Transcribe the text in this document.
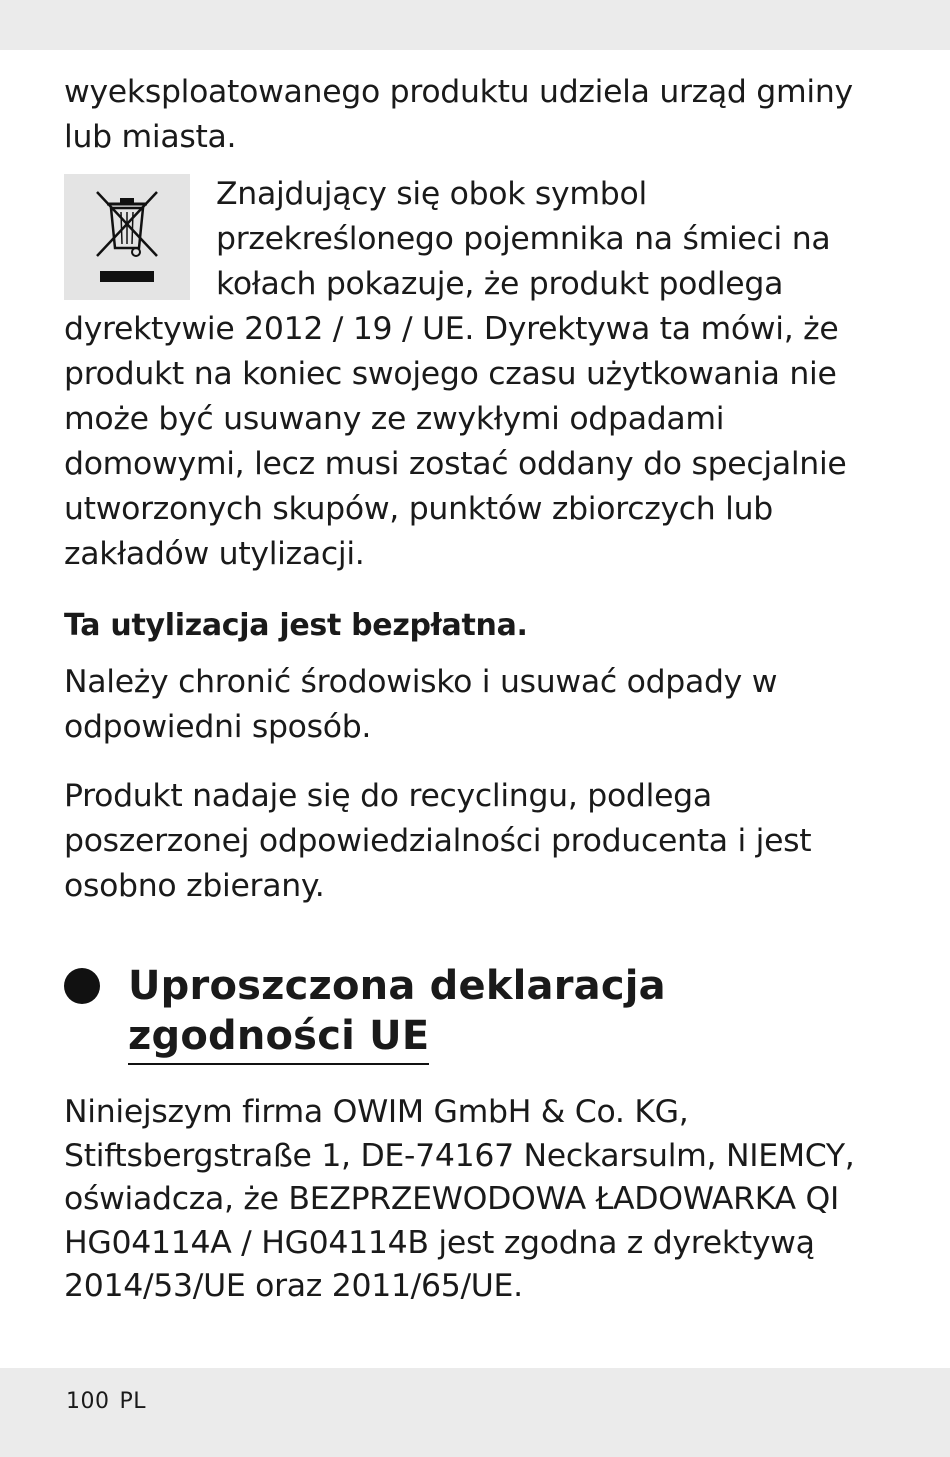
wyeksploatowanego produktu udziela urząd gminy lub miasta.

Znajdujący się obok symbol przekreślonego pojemnika na śmieci na kołach pokazuje, że produkt podlega dyrektywie 2012 / 19 / UE. Dyrektywa ta mówi, że produkt na koniec swojego czasu użytkowania nie może być usuwany ze zwykłymi odpadami domowymi, lecz musi zostać oddany do specjalnie utworzonych skupów, punktów zbiorczych lub zakładów utylizacji.

Ta utylizacja jest bezpłatna.

Należy chronić środowisko i usuwać odpady w odpowiedni sposób.

Produkt nadaje się do recyclingu, podlega poszerzonej odpowiedzialności producenta i jest osobno zbierany.

Uproszczona deklaracja
zgodności UE

Niniejszym firma OWIM GmbH & Co. KG, Stiftsbergstraße 1, DE-74167 Neckarsulm, NIEMCY, oświadcza, że BEZPRZEWODOWA ŁADOWARKA QI HG04114A / HG04114B jest zgodna z dyrektywą 2014/53/UE oraz 2011/65/UE.

100 PL
